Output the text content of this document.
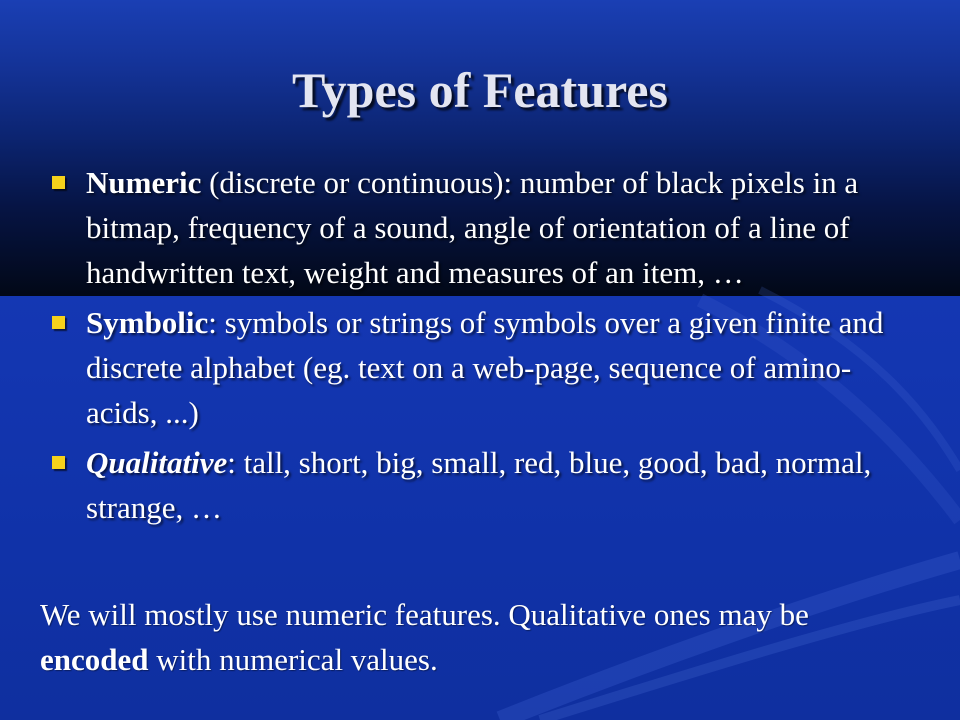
Types of Features
Numeric (discrete or continuous): number of black pixels in a bitmap, frequency of a sound, angle of orientation of a line of handwritten text, weight and measures of an item, …
Symbolic: symbols or strings of symbols over a given finite and discrete alphabet (eg. text on a web-page, sequence of amino-acids, ...)
Qualitative: tall, short, big, small, red, blue, good, bad, normal, strange, …

We will mostly use numeric features. Qualitative ones may be encoded with numerical values.
